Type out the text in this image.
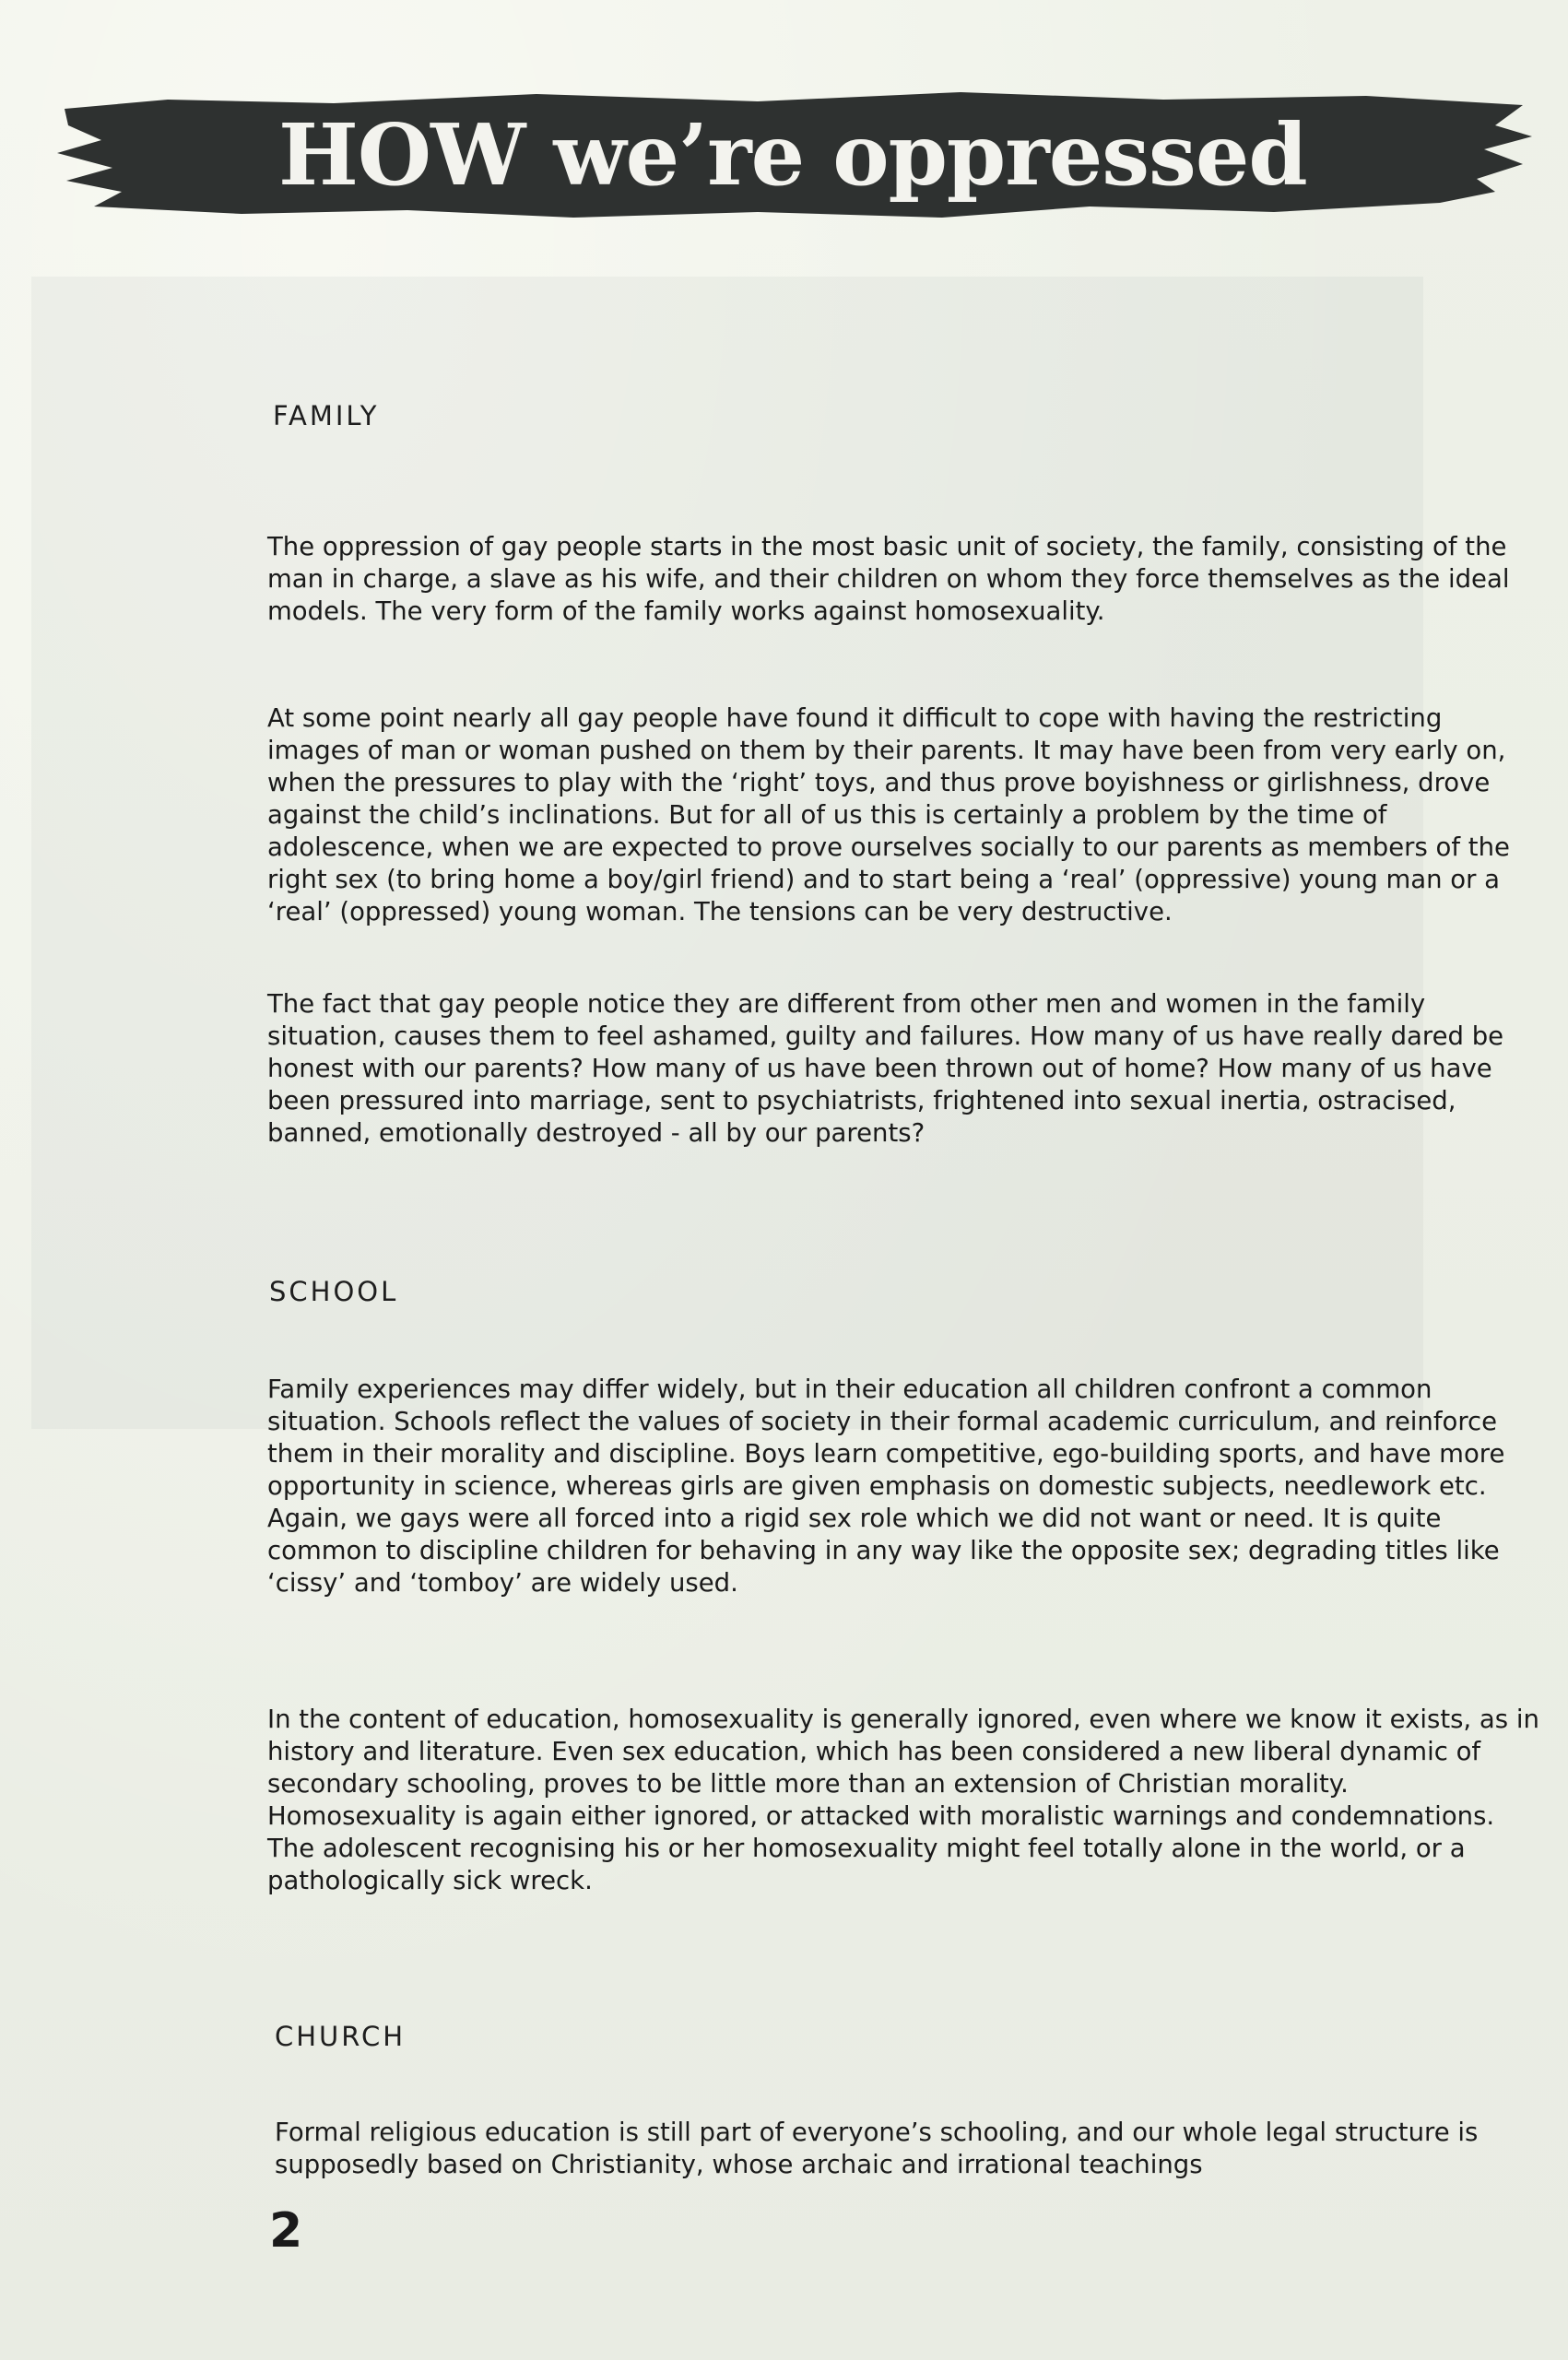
HOW we’re oppressed
FAMILY

The oppression of gay people starts in the most basic unit of society, the family, consisting of the man in charge, a slave as his wife, and their children on whom they force themselves as the ideal models. The very form of the family works against homosexuality.

At some point nearly all gay people have found it difficult to cope with having the restricting images of man or woman pushed on them by their parents. It may have been from very early on, when the pressures to play with the ‘right’ toys, and thus prove boyishness or girlishness, drove against the child’s inclinations. But for all of us this is certainly a problem by the time of adolescence, when we are expected to prove ourselves socially to our parents as members of the right sex (to bring home a boy/girl friend) and to start being a ‘real’ (oppressive) young man or a ‘real’ (oppressed) young woman. The tensions can be very destructive.

The fact that gay people notice they are different from other men and women in the family situation, causes them to feel ashamed, guilty and failures. How many of us have really dared be honest with our parents? How many of us have been thrown out of home? How many of us have been pressured into marriage, sent to psychiatrists, frightened into sexual inertia, ostracised, banned, emotionally destroyed - all by our parents?

SCHOOL

Family experiences may differ widely, but in their education all children confront a common situation. Schools reflect the values of society in their formal academic curriculum, and reinforce them in their morality and discipline. Boys learn competitive, ego-building sports, and have more opportunity in science, whereas girls are given emphasis on domestic subjects, needlework etc. Again, we gays were all forced into a rigid sex role which we did not want or need. It is quite common to discipline children for behaving in any way like the opposite sex; degrading titles like ‘cissy’ and ‘tomboy’ are widely used.

In the content of education, homosexuality is generally ignored, even where we know it exists, as in history and literature. Even sex education, which has been considered a new liberal dynamic of secondary schooling, proves to be little more than an extension of Christian morality. Homosexuality is again either ignored, or attacked with moralistic warnings and condemnations. The adolescent recognising his or her homosexuality might feel totally alone in the world, or a pathologically sick wreck.

CHURCH

Formal religious education is still part of everyone’s schooling, and our whole legal structure is supposedly based on Christianity, whose archaic and irrational teachings

2
